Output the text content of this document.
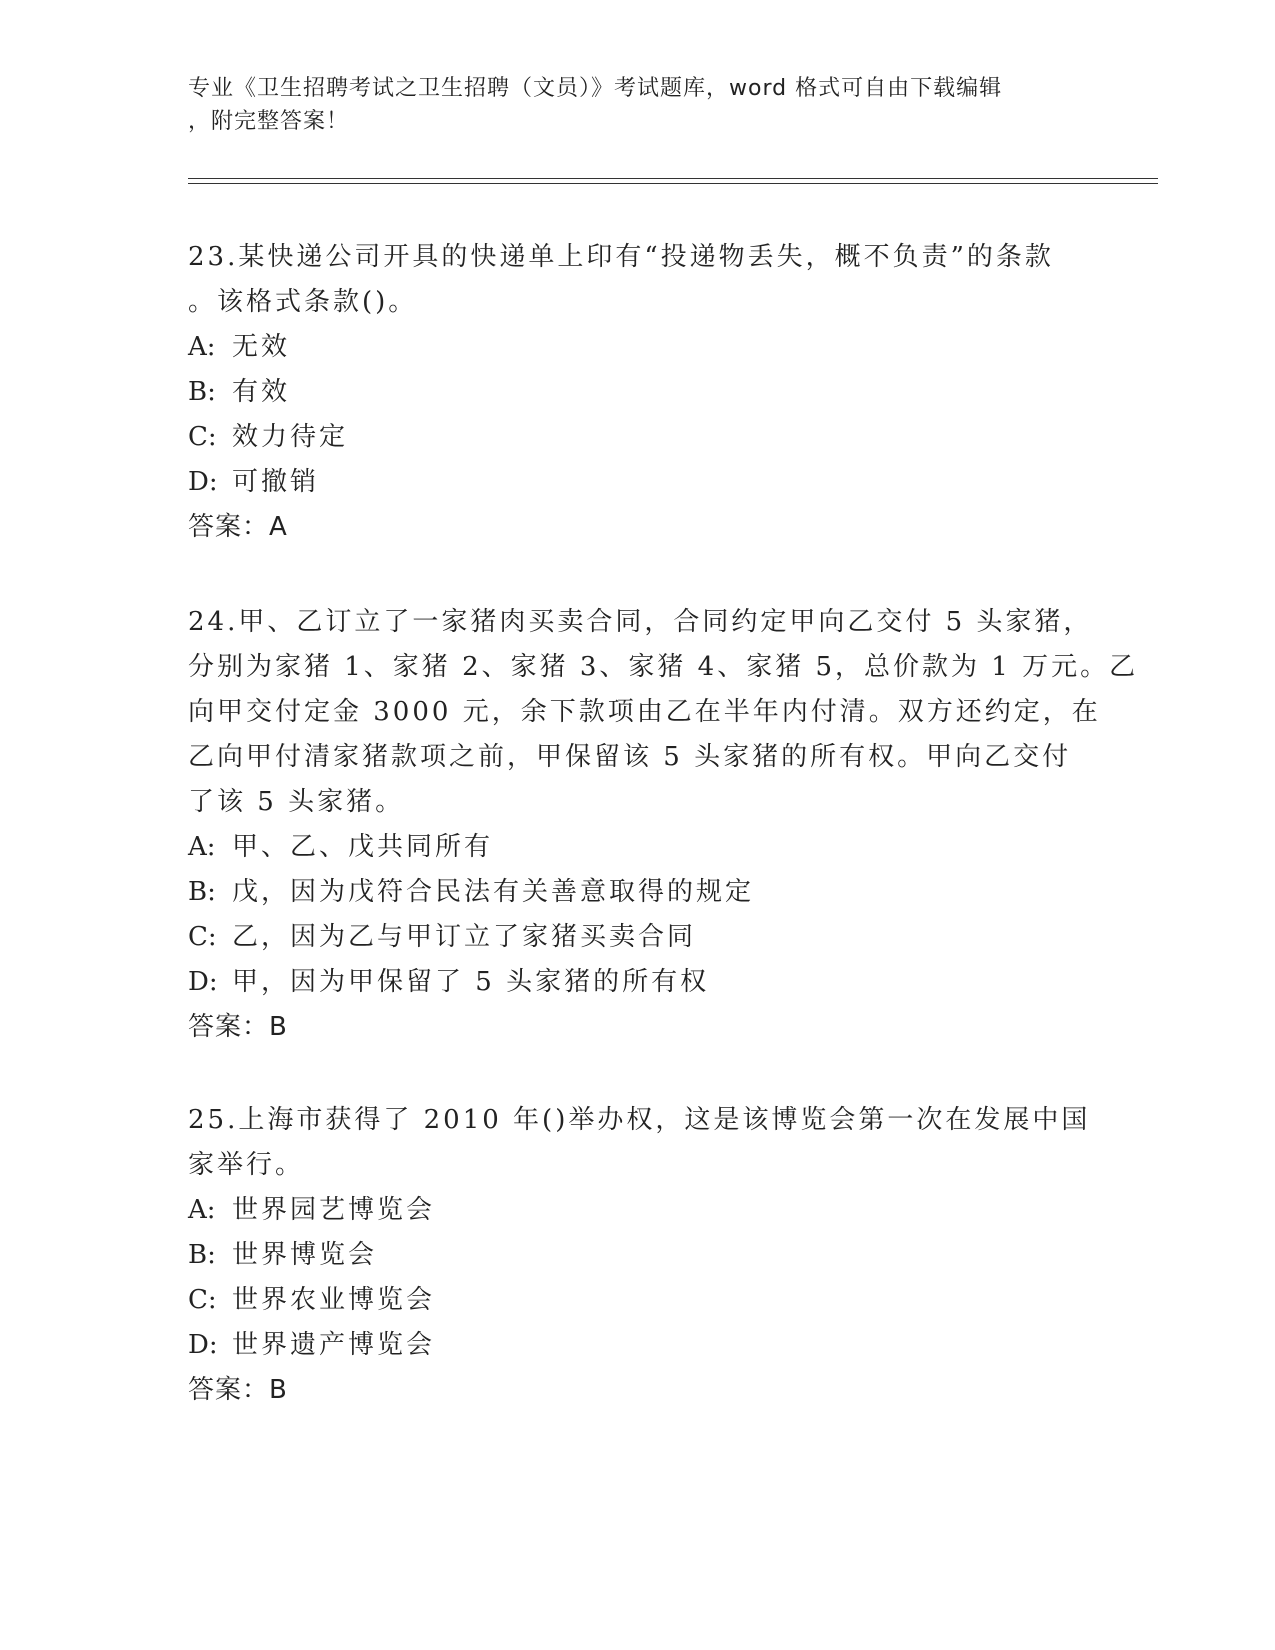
专业《卫生招聘考试之卫生招聘（文员）》考试题库，word 格式可自由下载编辑
，附完整答案！
23.某快递公司开具的快递单上印有“投递物丢失，概不负责”的条款
。该格式条款()。
A: 无效
B: 有效
C: 效力待定
D: 可撤销
答案：A
24.甲、乙订立了一家猪肉买卖合同，合同约定甲向乙交付 5 头家猪，
分别为家猪 1、家猪 2、家猪 3、家猪 4、家猪 5，总价款为 1 万元。乙
向甲交付定金 3000 元，余下款项由乙在半年内付清。双方还约定，在
乙向甲付清家猪款项之前，甲保留该 5 头家猪的所有权。甲向乙交付
了该 5 头家猪。
A: 甲、乙、戊共同所有
B: 戊，因为戊符合民法有关善意取得的规定
C: 乙，因为乙与甲订立了家猪买卖合同
D: 甲，因为甲保留了 5 头家猪的所有权
答案：B
25.上海市获得了 2010 年()举办权，这是该博览会第一次在发展中国
家举行。
A: 世界园艺博览会
B: 世界博览会
C: 世界农业博览会
D: 世界遗产博览会
答案：B
